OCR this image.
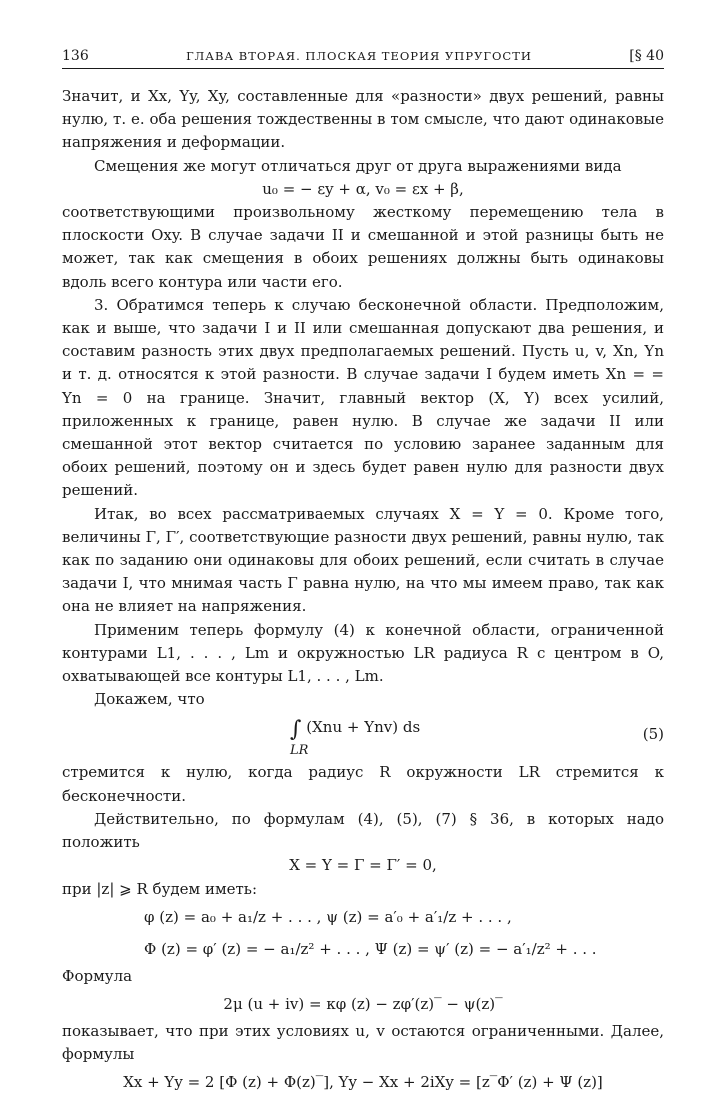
136	ГЛАВА ВТОРАЯ. ПЛОСКАЯ ТЕОРИЯ УПРУГОСТИ	[§ 40

Значит, и Xx, Yy, Xy, составленные для «разности» двух решений, равны нулю, т. е. оба решения тождественны в том смысле, что дают одинаковые напряжения и деформации.

Смещения же могут отличаться друг от друга выражениями вида

u₀ = − εy + α, v₀ = εx + β,

соответствующими произвольному жесткому перемещению тела в плоскости Oxy. В случае задачи II и смешанной и этой разницы быть не может, так как смещения в обоих решениях должны быть одинаковы вдоль всего контура или части его.

3. Обратимся теперь к случаю бесконечной области. Предположим, как и выше, что задачи I и II или смешанная допускают два решения, и составим разность этих двух предполагаемых решений. Пусть u, v, Xn, Yn и т. д. относятся к этой разности. В случае задачи I будем иметь Xn = = Yn = 0 на границе. Значит, главный вектор (X, Y) всех усилий, приложенных к границе, равен нулю. В случае же задачи II или смешанной этот вектор считается по условию заранее заданным для обоих решений, поэтому он и здесь будет равен нулю для разности двух решений.

Итак, во всех рассматриваемых случаях X = Y = 0. Кроме того, величины Γ, Γ′, соответствующие разности двух решений, равны нулю, так как по заданию они одинаковы для обоих решений, если считать в случае задачи I, что мнимая часть Γ равна нулю, на что мы имеем право, так как она не влияет на напряжения.

Применим теперь формулу (4) к конечной области, ограниченной контурами L1, . . . , Lm и окружностью LR радиуса R с центром в O, охватывающей все контуры L1, . . . , Lm.

Докажем, что

∫ (Xnu + Ynv) ds
LR
(5)

стремится к нулю, когда радиус R окружности LR стремится к бесконечности.

Действительно, по формулам (4), (5), (7) § 36, в которых надо положить

X = Y = Γ = Γ′ = 0,

при |z| ⩾ R будем иметь:

φ (z) = a₀ + a₁/z + . . . , ψ (z) = a′₀ + a′₁/z + . . . ,

Φ (z) = φ′ (z) = − a₁/z² + . . . , Ψ (z) = ψ′ (z) = − a′₁/z² + . . .

Формула

2μ (u + iv) = κφ (z) − zφ′(z)‾ − ψ(z)‾

показывает, что при этих условиях u, v остаются ограниченными. Далее, формулы

Xx + Yy = 2 [Φ (z) + Φ(z)‾], Yy − Xx + 2iXy = [z‾Φ′ (z) + Ψ (z)]
